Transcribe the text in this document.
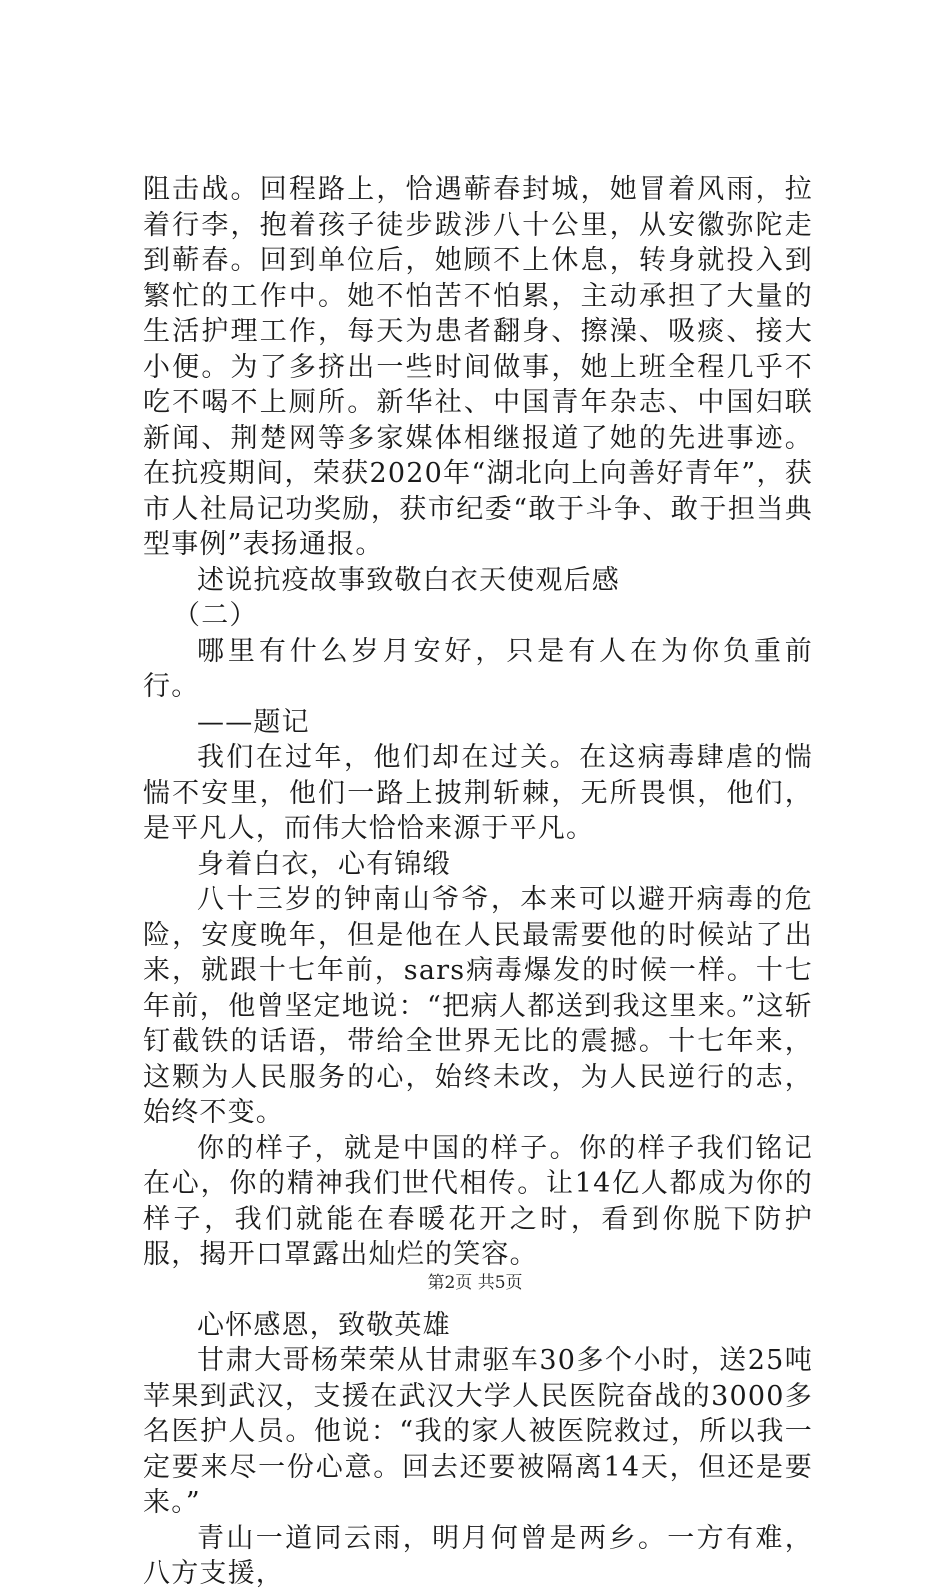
阻击战。回程路上，恰遇蕲春封城，她冒着风雨，拉着行李，抱着孩子徒步跋涉八十公里，从安徽弥陀走到蕲春。回到单位后，她顾不上休息，转身就投入到繁忙的工作中。她不怕苦不怕累，主动承担了大量的生活护理工作，每天为患者翻身、擦澡、吸痰、接大小便。为了多挤出一些时间做事，她上班全程几乎不吃不喝不上厕所。新华社、中国青年杂志、中国妇联新闻、荆楚网等多家媒体相继报道了她的先进事迹。在抗疫期间，荣获2020年“湖北向上向善好青年”，获市人社局记功奖励，获市纪委“敢于斗争、敢于担当典型事例”表扬通报。

述说抗疫故事致敬白衣天使观后感

（二）

哪里有什么岁月安好，只是有人在为你负重前行。

——题记

我们在过年，他们却在过关。在这病毒肆虐的惴惴不安里，他们一路上披荆斩棘，无所畏惧，他们，是平凡人，而伟大恰恰来源于平凡。

身着白衣，心有锦缎

八十三岁的钟南山爷爷，本来可以避开病毒的危险，安度晚年，但是他在人民最需要他的时候站了出来，就跟十七年前，sars病毒爆发的时候一样。十七年前，他曾坚定地说：“把病人都送到我这里来。”这斩钉截铁的话语，带给全世界无比的震撼。十七年来，这颗为人民服务的心，始终未改，为人民逆行的志，始终不变。

你的样子，就是中国的样子。你的样子我们铭记在心，你的精神我们世代相传。让14亿人都成为你的样子，我们就能在春暖花开之时，看到你脱下防护服，揭开口罩露出灿烂的笑容。

心怀感恩，致敬英雄

甘肃大哥杨荣荣从甘肃驱车30多个小时，送25吨苹果到武汉，支援在武汉大学人民医院奋战的3000多名医护人员。他说：“我的家人被医院救过，所以我一定要来尽一份心意。回去还要被隔离14天，但还是要来。”

青山一道同云雨，明月何曾是两乡。一方有难，八方支援，

第2页 共5页
